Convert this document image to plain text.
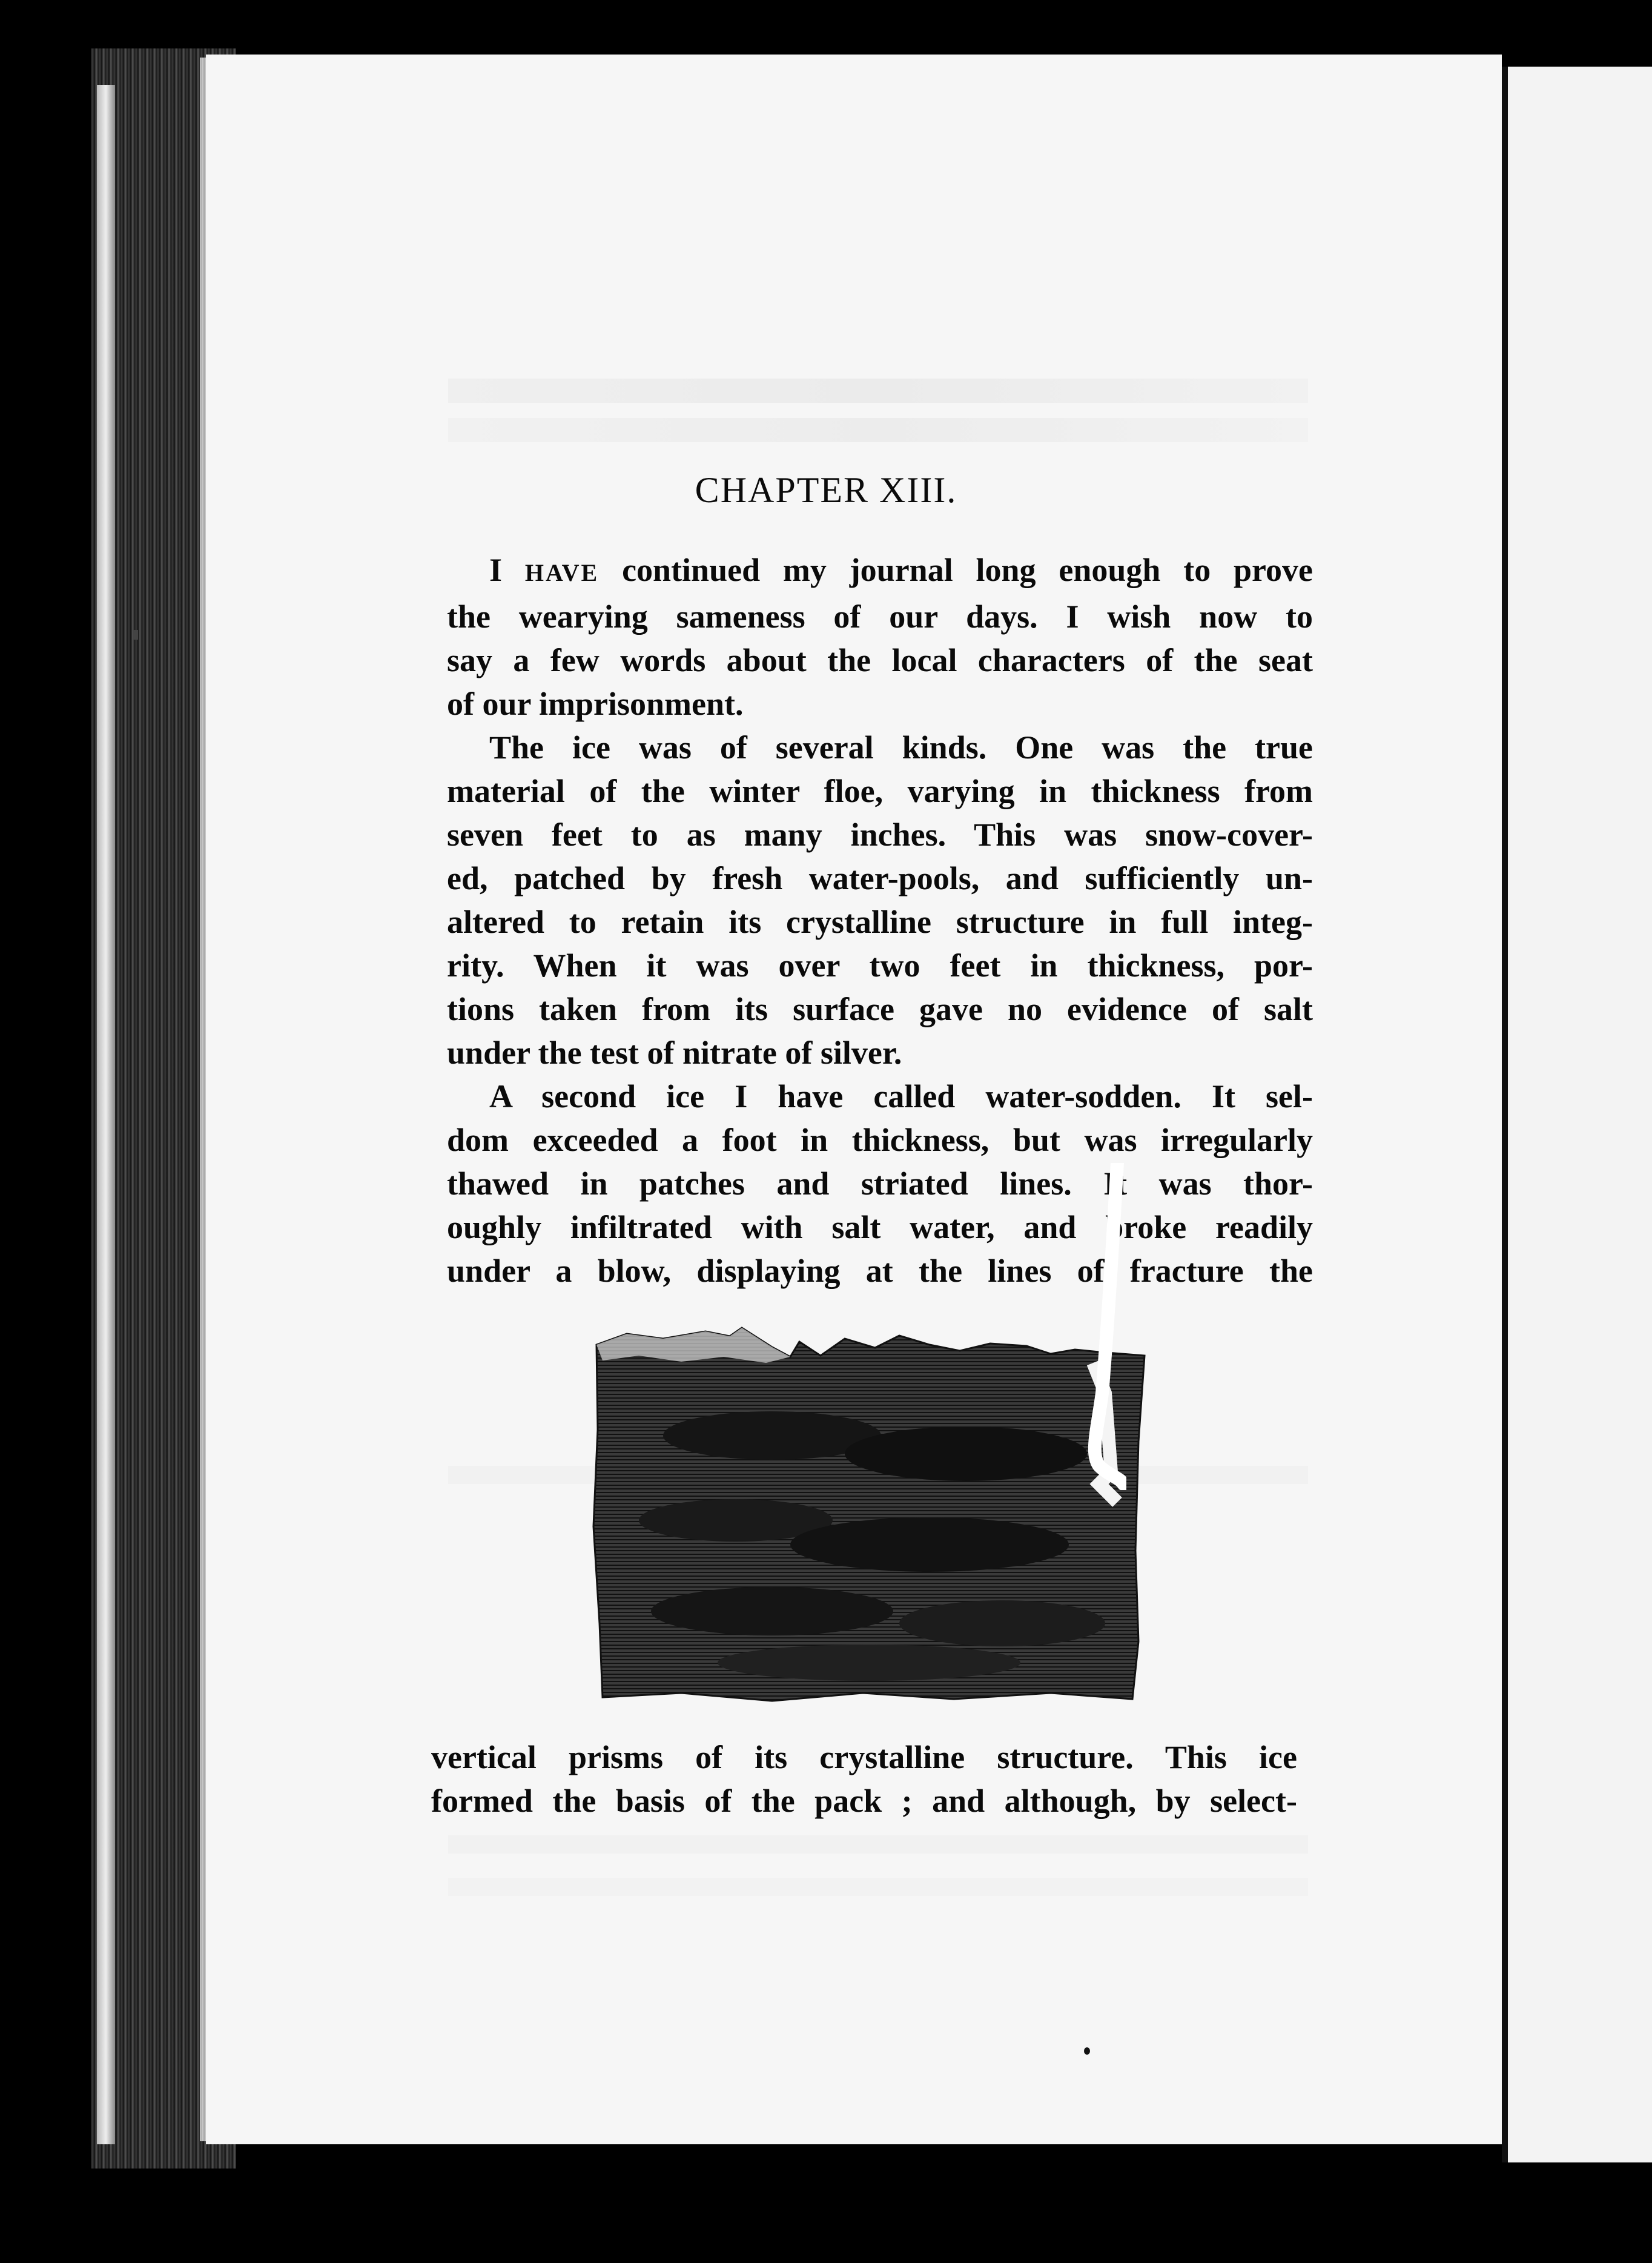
CHAPTER XIII.

I HAVE continued my journal long enough to prove

the wearying sameness of our days. I wish now to

say a few words about the local characters of the seat

of our imprisonment.

The ice was of several kinds. One was the true

material of the winter floe, varying in thickness from

seven feet to as many inches. This was snow-cover-

ed, patched by fresh water-pools, and sufficiently un-

altered to retain its crystalline structure in full integ-

rity. When it was over two feet in thickness, por-

tions taken from its surface gave no evidence of salt

under the test of nitrate of silver.

A second ice I have called water-sodden. It sel-

dom exceeded a foot in thickness, but was irregularly

thawed in patches and striated lines. It was thor-

oughly infiltrated with salt water, and broke readily

under a blow, displaying at the lines of fracture the

vertical prisms of its crystalline structure. This ice

formed the basis of the pack ; and although, by select-
